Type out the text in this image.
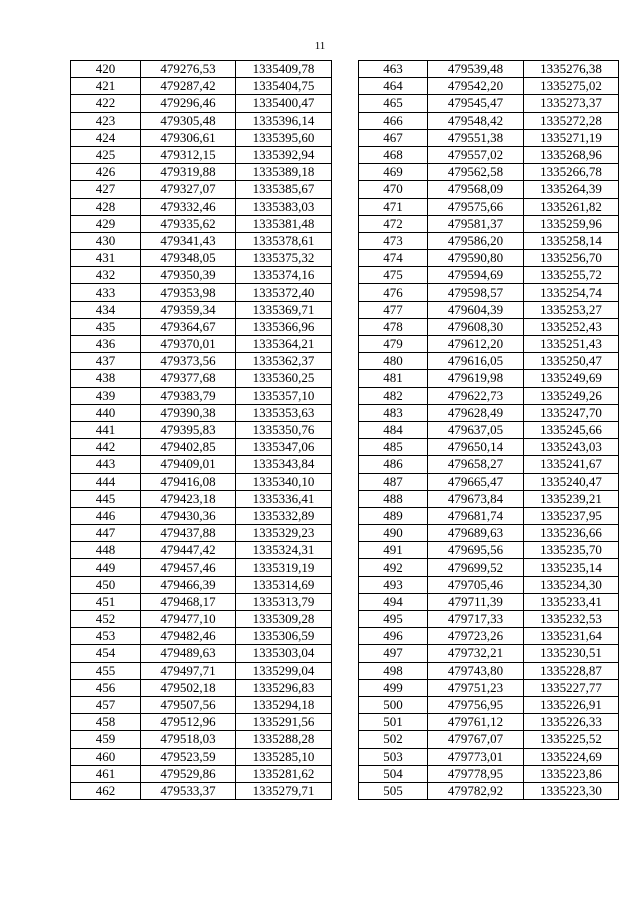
11
420	479276,53	1335409,78
421	479287,42	1335404,75
422	479296,46	1335400,47
423	479305,48	1335396,14
424	479306,61	1335395,60
425	479312,15	1335392,94
426	479319,88	1335389,18
427	479327,07	1335385,67
428	479332,46	1335383,03
429	479335,62	1335381,48
430	479341,43	1335378,61
431	479348,05	1335375,32
432	479350,39	1335374,16
433	479353,98	1335372,40
434	479359,34	1335369,71
435	479364,67	1335366,96
436	479370,01	1335364,21
437	479373,56	1335362,37
438	479377,68	1335360,25
439	479383,79	1335357,10
440	479390,38	1335353,63
441	479395,83	1335350,76
442	479402,85	1335347,06
443	479409,01	1335343,84
444	479416,08	1335340,10
445	479423,18	1335336,41
446	479430,36	1335332,89
447	479437,88	1335329,23
448	479447,42	1335324,31
449	479457,46	1335319,19
450	479466,39	1335314,69
451	479468,17	1335313,79
452	479477,10	1335309,28
453	479482,46	1335306,59
454	479489,63	1335303,04
455	479497,71	1335299,04
456	479502,18	1335296,83
457	479507,56	1335294,18
458	479512,96	1335291,56
459	479518,03	1335288,28
460	479523,59	1335285,10
461	479529,86	1335281,62
462	479533,37	1335279,71
463	479539,48	1335276,38
464	479542,20	1335275,02
465	479545,47	1335273,37
466	479548,42	1335272,28
467	479551,38	1335271,19
468	479557,02	1335268,96
469	479562,58	1335266,78
470	479568,09	1335264,39
471	479575,66	1335261,82
472	479581,37	1335259,96
473	479586,20	1335258,14
474	479590,80	1335256,70
475	479594,69	1335255,72
476	479598,57	1335254,74
477	479604,39	1335253,27
478	479608,30	1335252,43
479	479612,20	1335251,43
480	479616,05	1335250,47
481	479619,98	1335249,69
482	479622,73	1335249,26
483	479628,49	1335247,70
484	479637,05	1335245,66
485	479650,14	1335243,03
486	479658,27	1335241,67
487	479665,47	1335240,47
488	479673,84	1335239,21
489	479681,74	1335237,95
490	479689,63	1335236,66
491	479695,56	1335235,70
492	479699,52	1335235,14
493	479705,46	1335234,30
494	479711,39	1335233,41
495	479717,33	1335232,53
496	479723,26	1335231,64
497	479732,21	1335230,51
498	479743,80	1335228,87
499	479751,23	1335227,77
500	479756,95	1335226,91
501	479761,12	1335226,33
502	479767,07	1335225,52
503	479773,01	1335224,69
504	479778,95	1335223,86
505	479782,92	1335223,30
